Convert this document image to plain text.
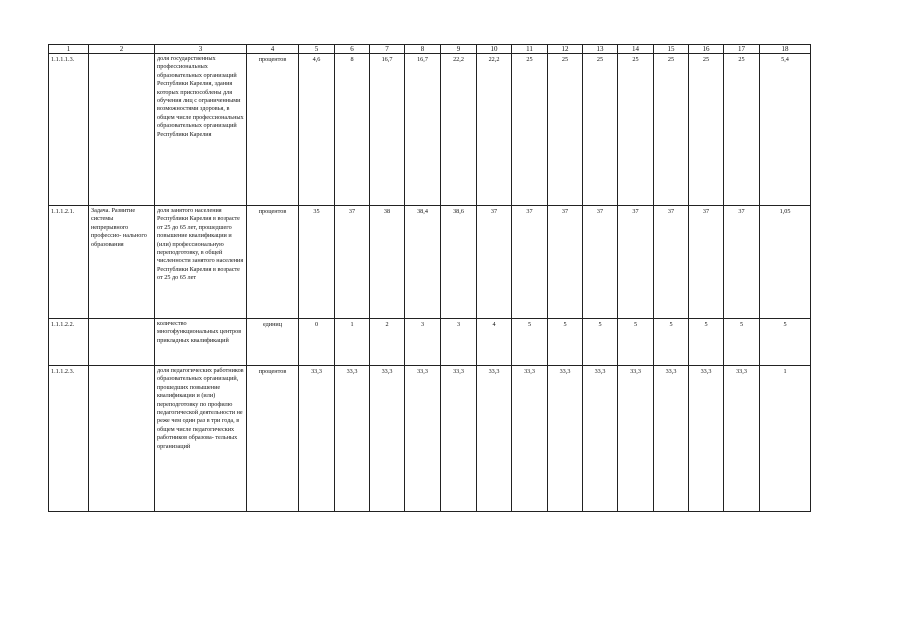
1	2	3	4	5	6	7	8	9	10	11	12	13	14	15	16	17	18
1.1.1.1.3.		доля государственных профессиональных образовательных организаций Республики Карелия, здания которых приспособлены для обучения лиц с ограниченными возможностями здоровья, в общем числе профессиональных образовательных организаций Республики Карелия	процентов	4,6	8	16,7	16,7	22,2	22,2	25	25	25	25	25	25	25	5,4
1.1.1.2.1.	Задача. Развитие системы непрерывного профессио- нального образования	доля занятого населения Республики Карелия в возрасте от 25 до 65 лет, прошедшего повышение квалификации и (или) профессиональную переподготовку, в общей численности занятого населения Республики Карелия в возрасте от 25 до 65 лет	процентов	35	37	38	38,4	38,6	37	37	37	37	37	37	37	37	1,05
1.1.1.2.2.		количество многофункциональных центров прикладных квалификаций	единиц	0	1	2	3	3	4	5	5	5	5	5	5	5	5
1.1.1.2.3.		доля педагогических работников образовательных организаций, прошедших повышение квалификации и (или) переподготовку по профилю педагогической деятельности не реже чем один раз в три года, в общем числе педагогических работников образова- тельных организаций	процентов	33,3	33,3	33,3	33,3	33,3	33,3	33,3	33,3	33,3	33,3	33,3	33,3	33,3	1
